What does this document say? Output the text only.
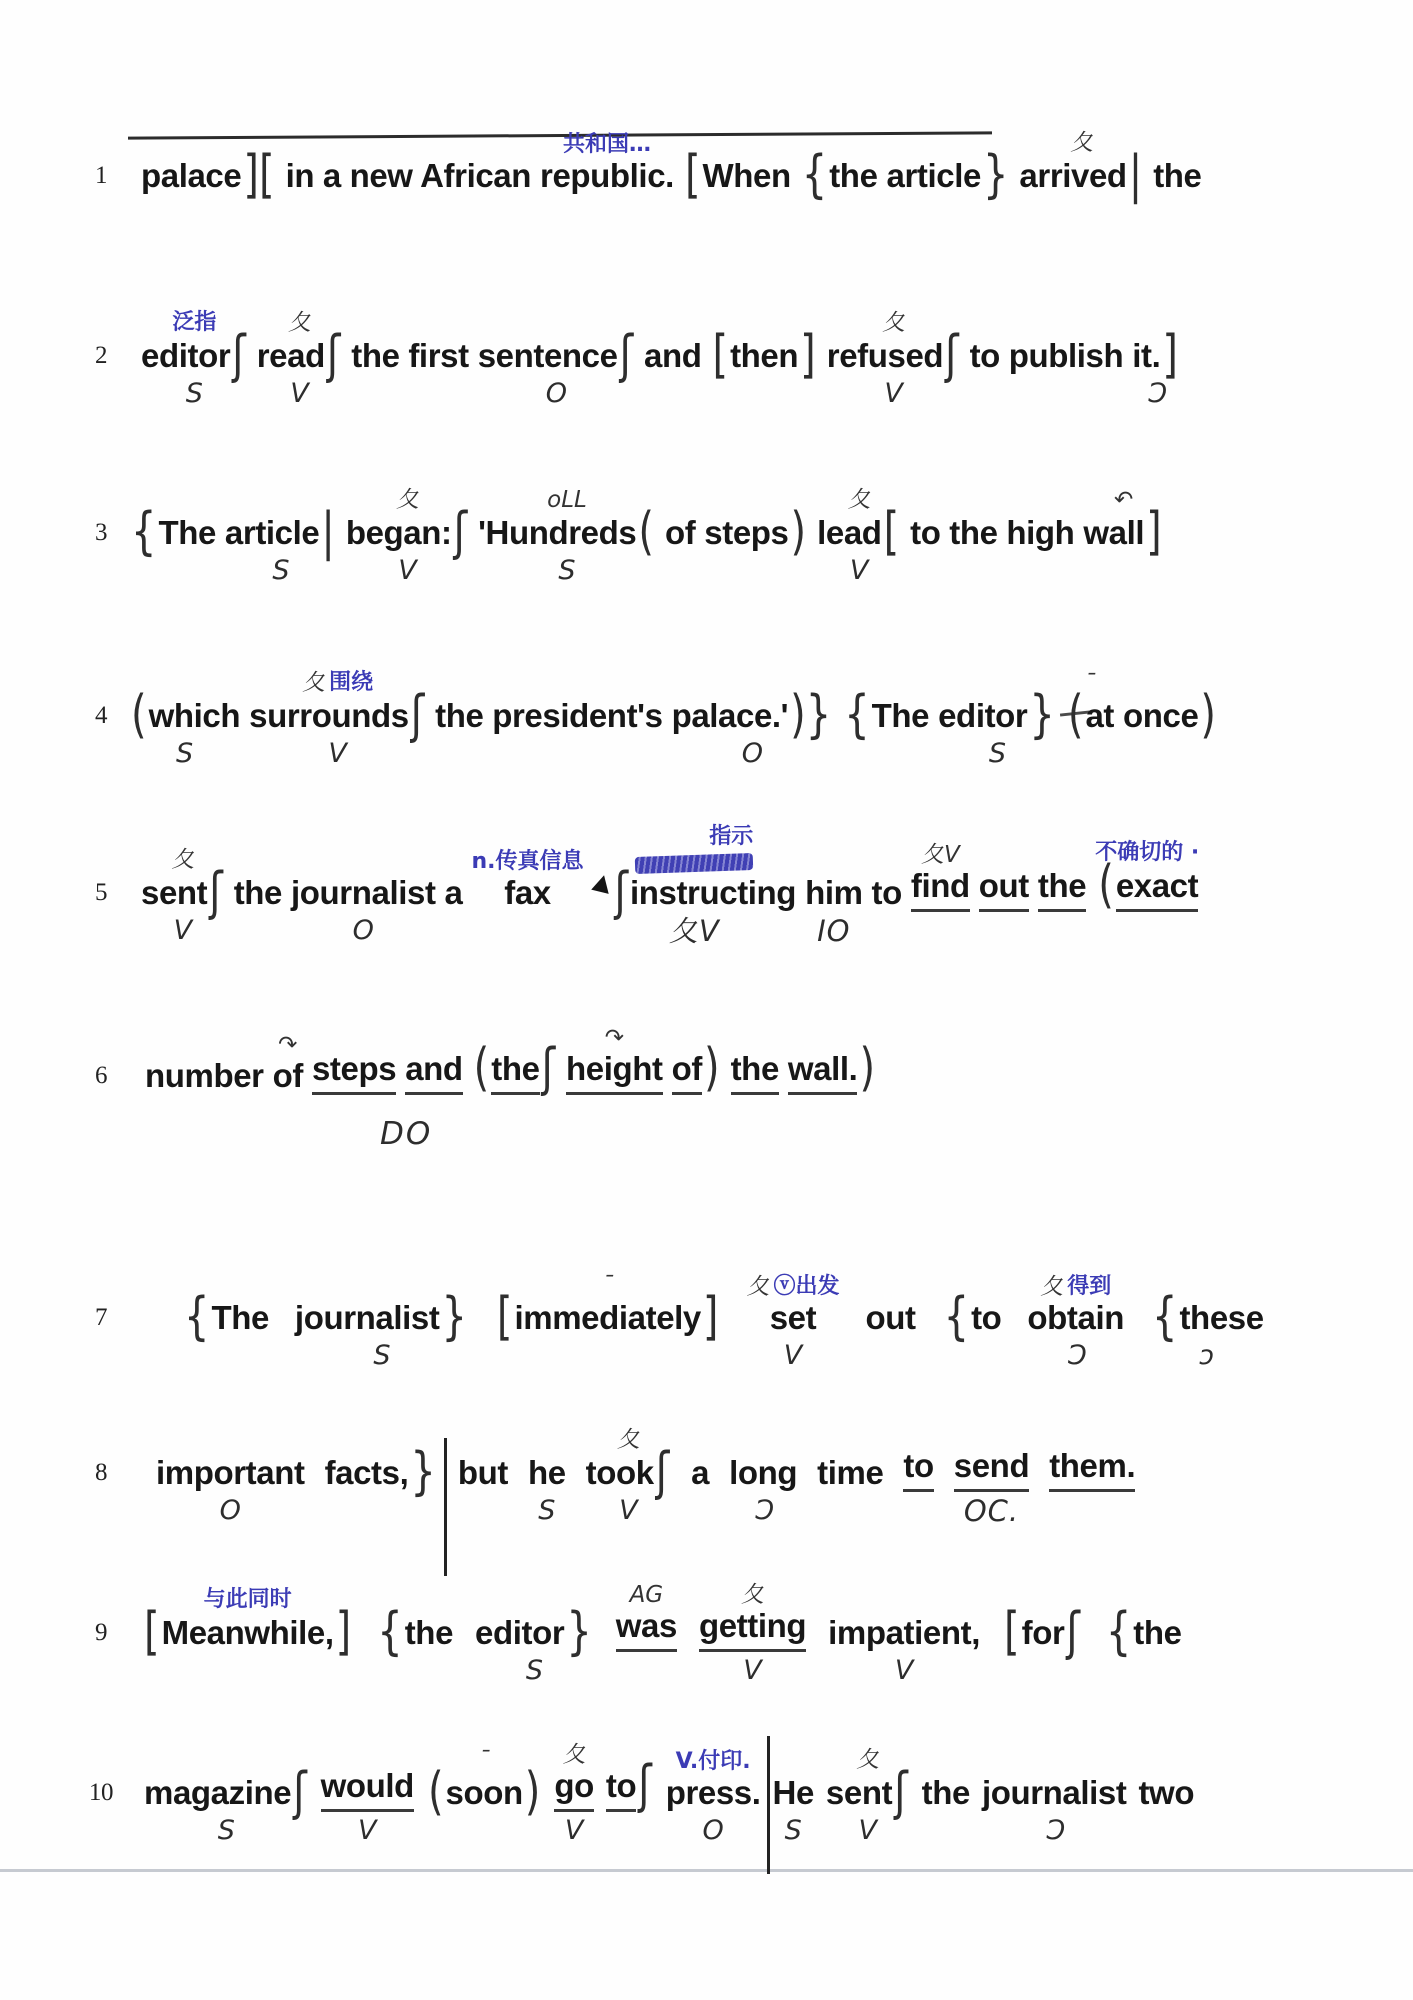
DO
1 palace ][ in a new African
共和国…
republic. [ When { the article }
夂
arrived | the
2
泛指
editor ʃ
S
夂
read ʃ
V
the first sentence ʃ
O
and [ then ]
夂
refused ʃ
V
to publish it. ]
Ɔ
3 { The article |
S
夂
began: ʃ
V
oLL
'Hundreds (
S
of steps )
夂
lead [
V
to the high
↶
wall ]
4 ( which
S
夂 围绕
surrounds ʃ
V
the president's palace.' )}
O
{ The editor }
S
ˉ
( at once )
5
夂
sent ʃ
V
the journalist
O
a
n.传真信息
fax
指示
ʃ instructing
夂V
him
IO
to
夂V
find out the
不确切的 ·
( exact
6 number
↷
of steps and ( the ʃ
↷
height of ) the wall. )
7 { The journalist }
S
ˉ
[ immediately ]
夂 ⓥ出发
set
V
out { to
夂 得到
obtain
Ɔ
{ these
ɔ
8 important
O
facts, } but he
S
夂
took ʃ
V
a long
Ɔ
time to send
OC.
them.
9
与此同时
[ Meanwhile, ] { the editor }
S
AG
was
夂
getting
V
impatient,
V
[ for ʃ { the
10 magazine ʃ
S
would
V
ˉ
( soon )
夂
go
V
to ʃ V.付印.
press.
O
He
S
夂
sent ʃ
V
the journalist
Ɔ
two
